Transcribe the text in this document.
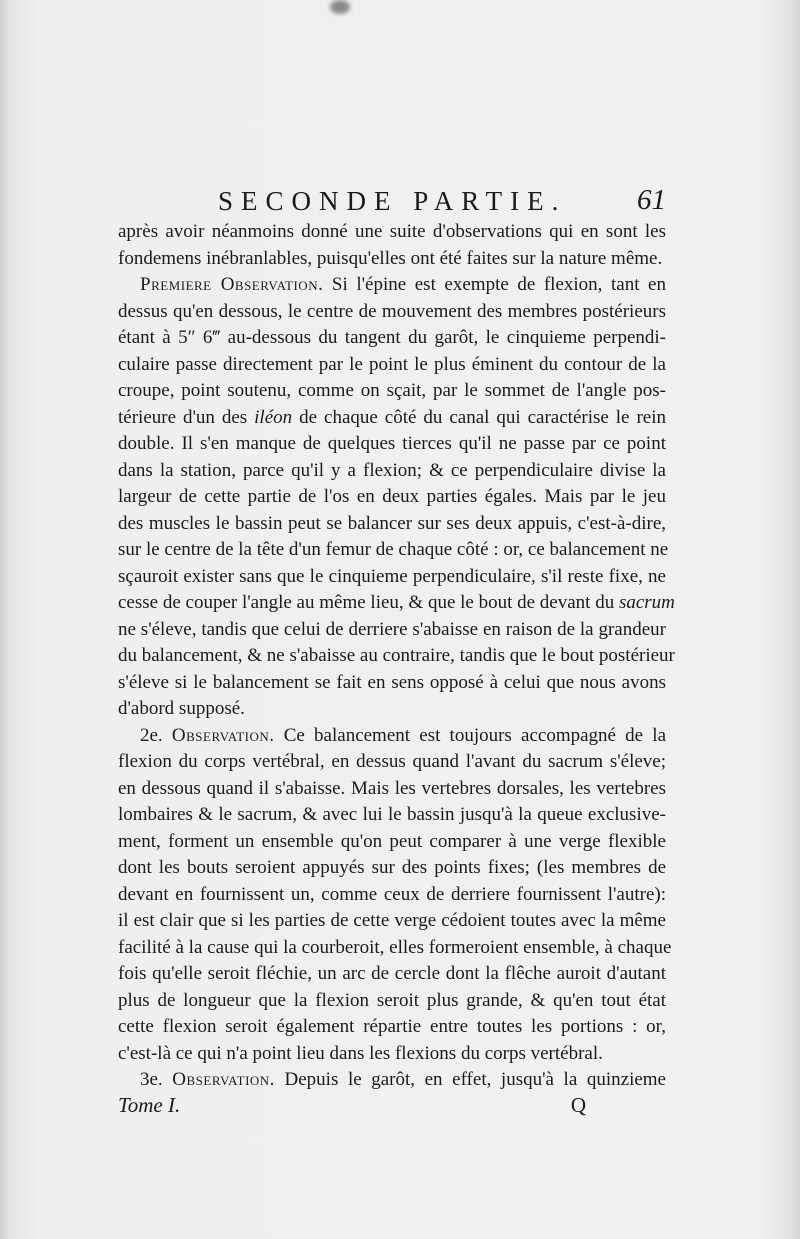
SECONDE PARTIE. 61
après avoir néanmoins donné une suite d'observations qui en sont les
fondemens inébranlables, puisqu'elles ont été faites sur la nature même.
Premiere Observation. Si l'épine est exempte de flexion, tant en
dessus qu'en dessous, le centre de mouvement des membres postérieurs
étant à 5″ 6‴ au-dessous du tangent du garôt, le cinquieme perpendi-
culaire passe directement par le point le plus éminent du contour de la
croupe, point soutenu, comme on sçait, par le sommet de l'angle pos-
térieure d'un des iléon de chaque côté du canal qui caractérise le rein
double. Il s'en manque de quelques tierces qu'il ne passe par ce point
dans la station, parce qu'il y a flexion; & ce perpendiculaire divise la
largeur de cette partie de l'os en deux parties égales. Mais par le jeu
des muscles le bassin peut se balancer sur ses deux appuis, c'est-à-dire,
sur le centre de la tête d'un femur de chaque côté : or, ce balancement ne
sçauroit exister sans que le cinquieme perpendiculaire, s'il reste fixe, ne
cesse de couper l'angle au même lieu, & que le bout de devant du sacrum
ne s'éleve, tandis que celui de derriere s'abaisse en raison de la grandeur
du balancement, & ne s'abaisse au contraire, tandis que le bout postérieur
s'éleve si le balancement se fait en sens opposé à celui que nous avons
d'abord supposé.
2e. Observation. Ce balancement est toujours accompagné de la
flexion du corps vertébral, en dessus quand l'avant du sacrum s'éleve;
en dessous quand il s'abaisse. Mais les vertebres dorsales, les vertebres
lombaires & le sacrum, & avec lui le bassin jusqu'à la queue exclusive-
ment, forment un ensemble qu'on peut comparer à une verge flexible
dont les bouts seroient appuyés sur des points fixes; (les membres de
devant en fournissent un, comme ceux de derriere fournissent l'autre):
il est clair que si les parties de cette verge cédoient toutes avec la même
facilité à la cause qui la courberoit, elles formeroient ensemble, à chaque
fois qu'elle seroit fléchie, un arc de cercle dont la flêche auroit d'autant
plus de longueur que la flexion seroit plus grande, & qu'en tout état
cette flexion seroit également répartie entre toutes les portions : or,
c'est-là ce qui n'a point lieu dans les flexions du corps vertébral.
3e. Observation. Depuis le garôt, en effet, jusqu'à la quinzieme
Tome I.	Q
